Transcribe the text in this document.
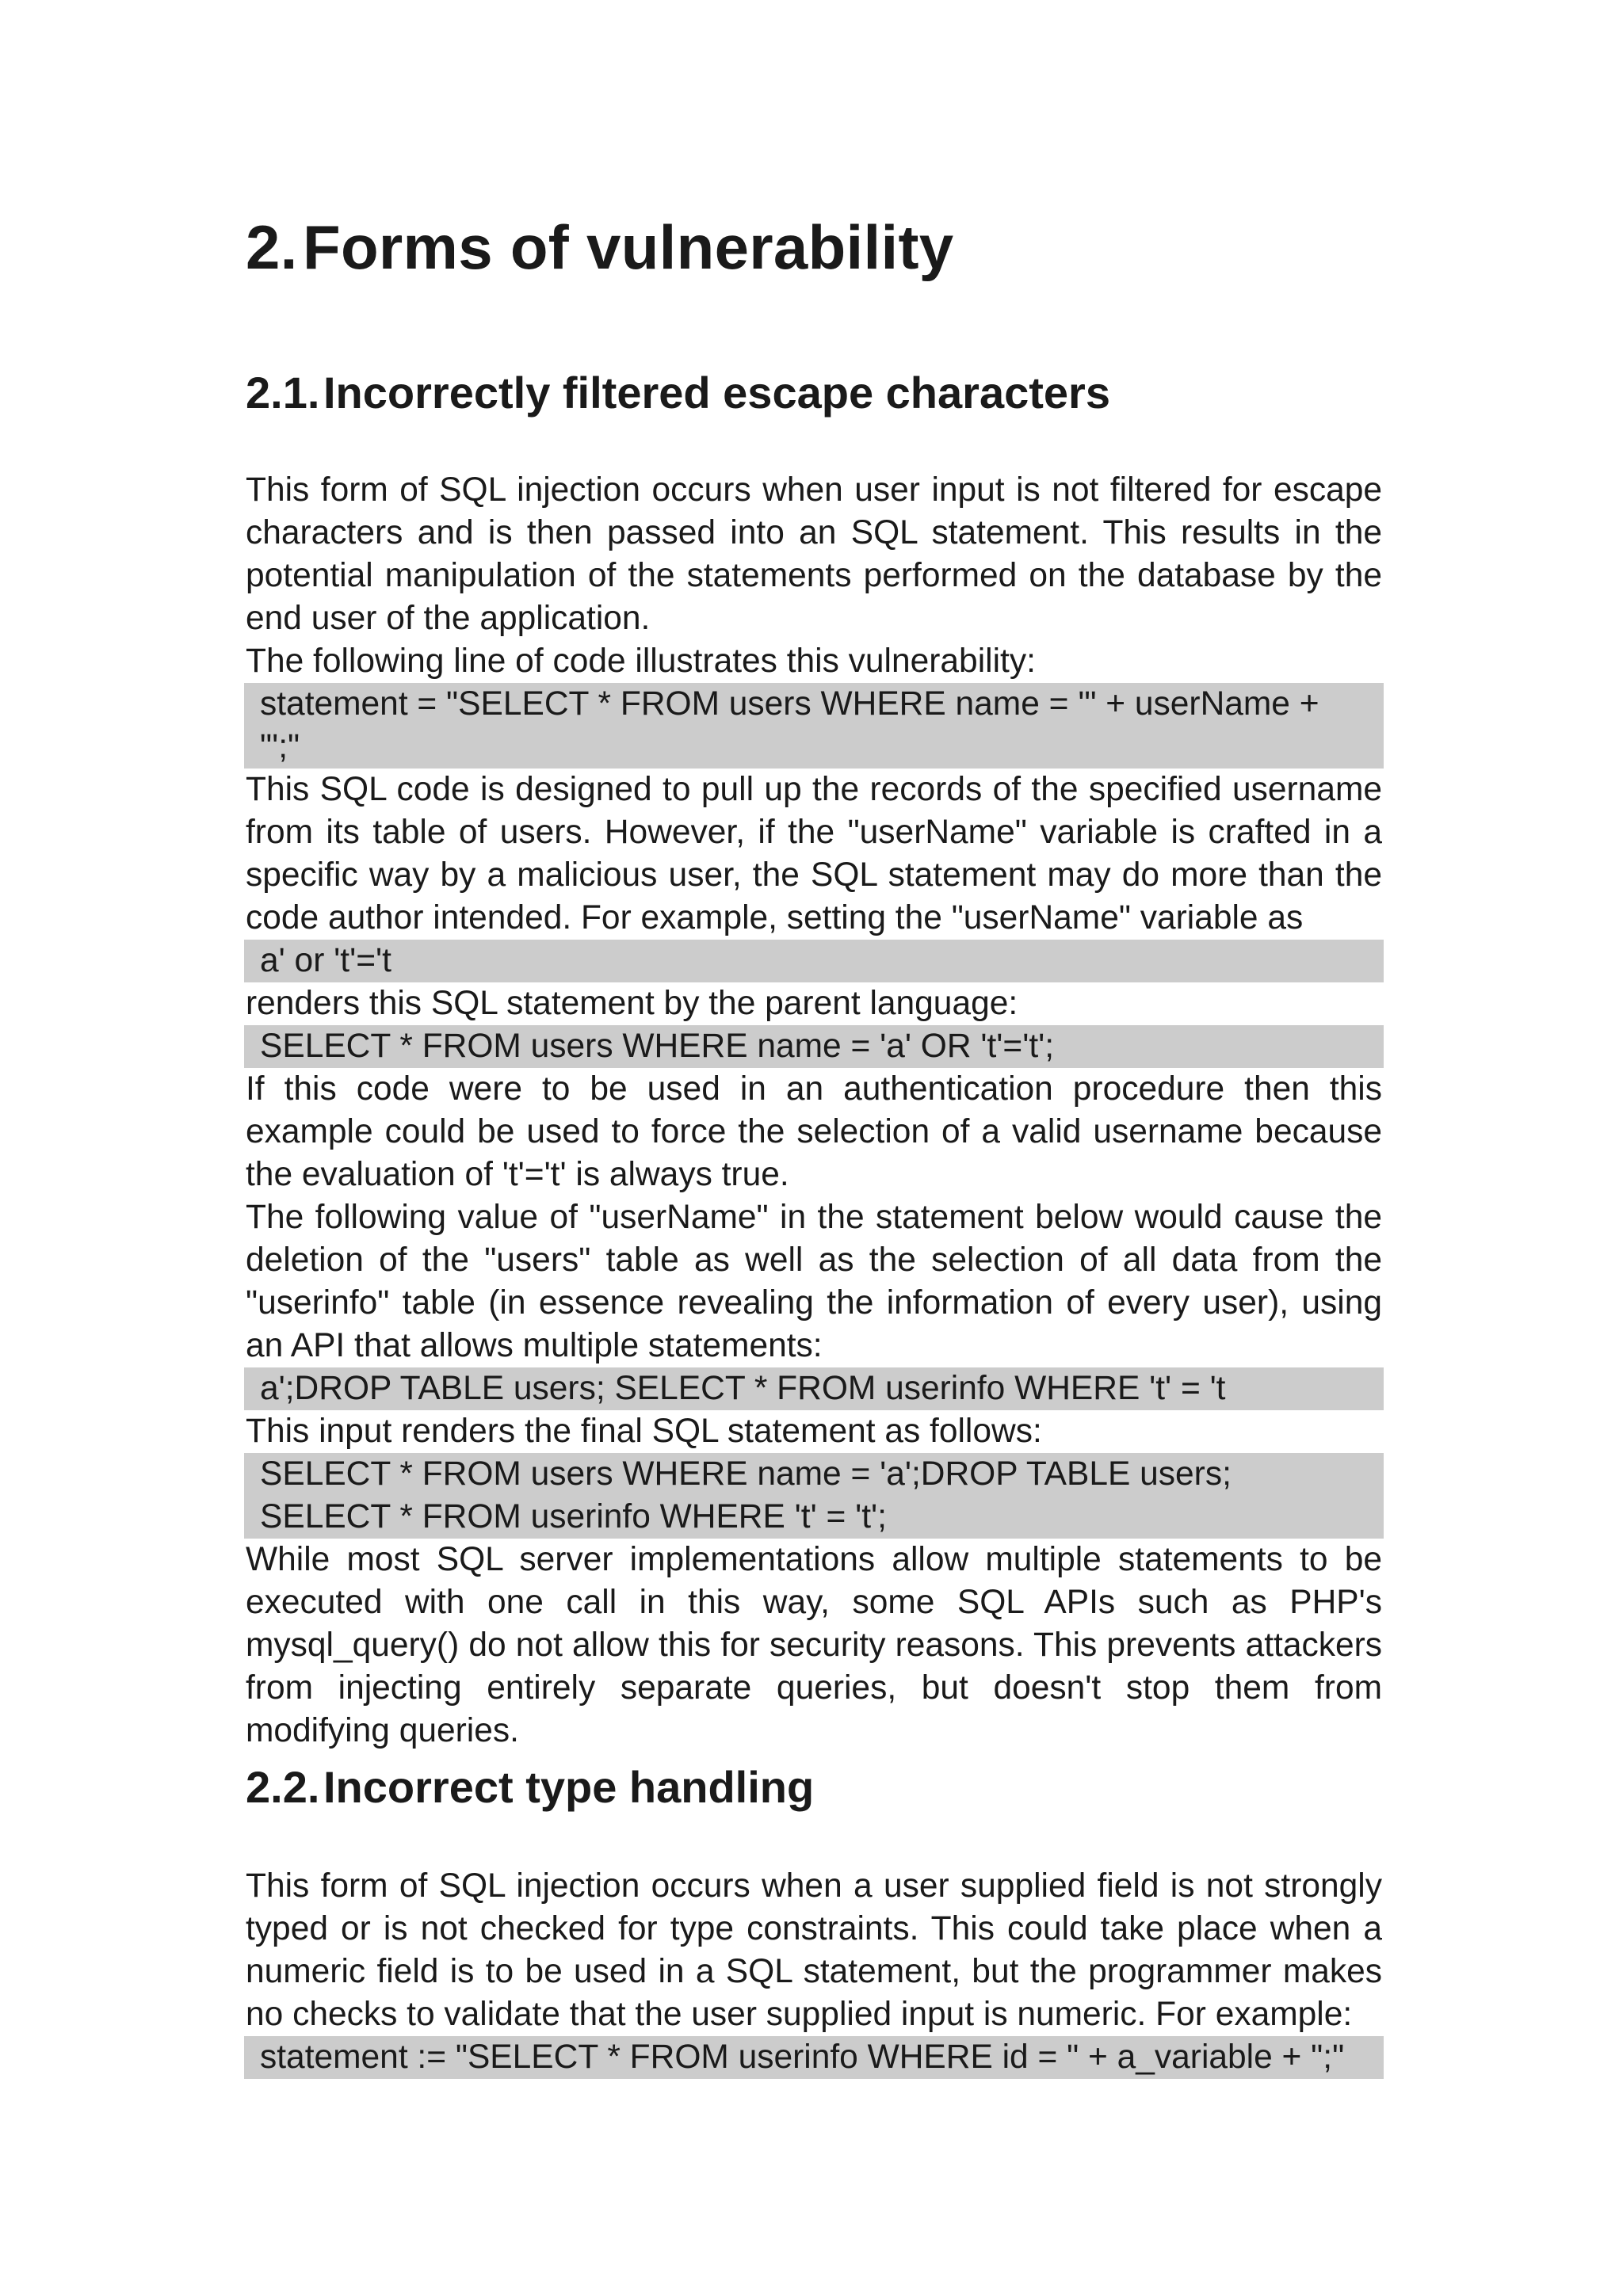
2.Forms of vulnerability
2.1.Incorrectly filtered escape characters

This form of SQL injection occurs when user input is not filtered for escape characters and is then passed into an SQL statement. This results in the potential manipulation of the statements performed on the database by the end user of the application.

The following line of code illustrates this vulnerability:

statement = "SELECT * FROM users WHERE name = '" + userName + "';"

This SQL code is designed to pull up the records of the specified username from its table of users. However, if the "userName" variable is crafted in a specific way by a malicious user, the SQL statement may do more than the code author intended. For example, setting the "userName" variable as

a' or 't'='t

renders this SQL statement by the parent language:

SELECT * FROM users WHERE name = 'a' OR 't'='t';

If this code were to be used in an authentication procedure then this example could be used to force the selection of a valid username because the evaluation of 't'='t' is always true.

The following value of "userName" in the statement below would cause the deletion of the "users" table as well as the selection of all data from the "userinfo" table (in essence revealing the information of every user), using an API that allows multiple statements:

a';DROP TABLE users; SELECT * FROM userinfo WHERE 't' = 't

This input renders the final SQL statement as follows:

SELECT * FROM users WHERE name = 'a';DROP TABLE users; SELECT * FROM userinfo WHERE 't' = 't';

While most SQL server implementations allow multiple statements to be executed with one call in this way, some SQL APIs such as PHP's mysql_query() do not allow this for security reasons. This prevents attackers from injecting entirely separate queries, but doesn't stop them from modifying queries.

2.2.Incorrect type handling

This form of SQL injection occurs when a user supplied field is not strongly typed or is not checked for type constraints. This could take place when a numeric field is to be used in a SQL statement, but the programmer makes no checks to validate that the user supplied input is numeric. For example:

statement := "SELECT * FROM userinfo WHERE id = " + a_variable + ";"
